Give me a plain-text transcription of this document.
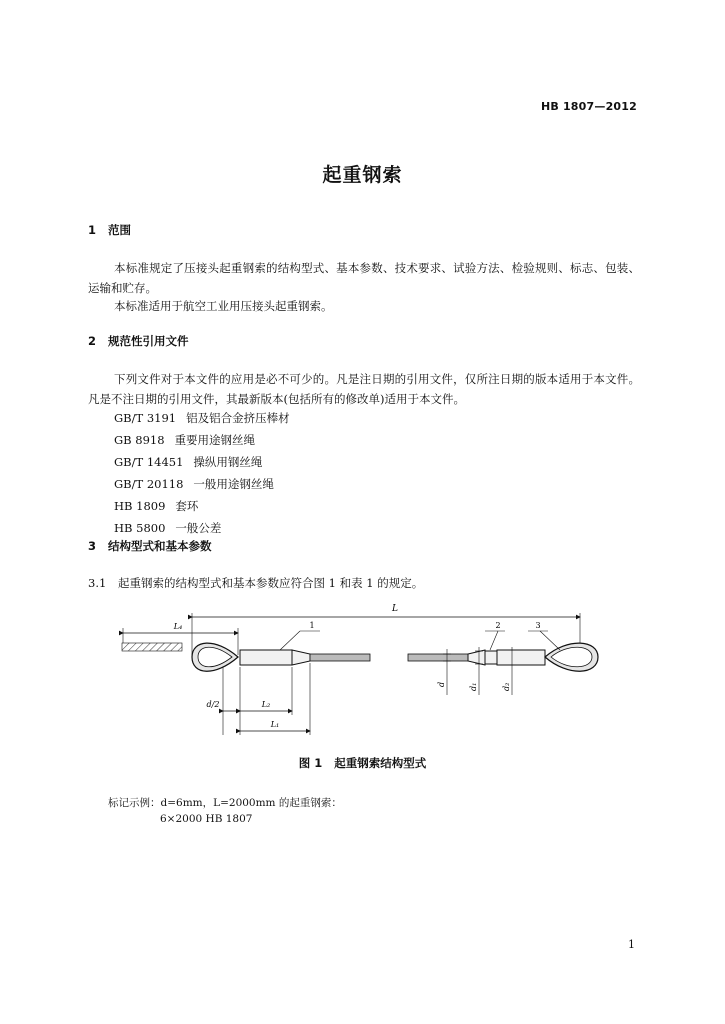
HB 1807—2012
起重钢索
1 范围
本标准规定了压接头起重钢索的结构型式、基本参数、技术要求、试验方法、检验规则、标志、包装、运输和贮存。
本标准适用于航空工业用压接头起重钢索。
2 规范性引用文件
下列文件对于本文件的应用是必不可少的。凡是注日期的引用文件，仅所注日期的版本适用于本文件。凡是不注日期的引用文件，其最新版本(包括所有的修改单)适用于本文件。
GB/T 3191 铝及铝合金挤压棒材
GB 8918 重要用途钢丝绳
GB/T 14451 操纵用钢丝绳
GB/T 20118 一般用途钢丝绳
HB 1809 套环
HB 5800 一般公差
3 结构型式和基本参数
3.1 起重钢索的结构型式和基本参数应符合图 1 和表 1 的规定。
L
L₄	1	2	3
d	d₁	d₂
d/2	L₂
L₁
图 1 起重钢索结构型式
标记示例：d=6mm，L=2000mm 的起重钢索：
6×2000 HB 1807
1
